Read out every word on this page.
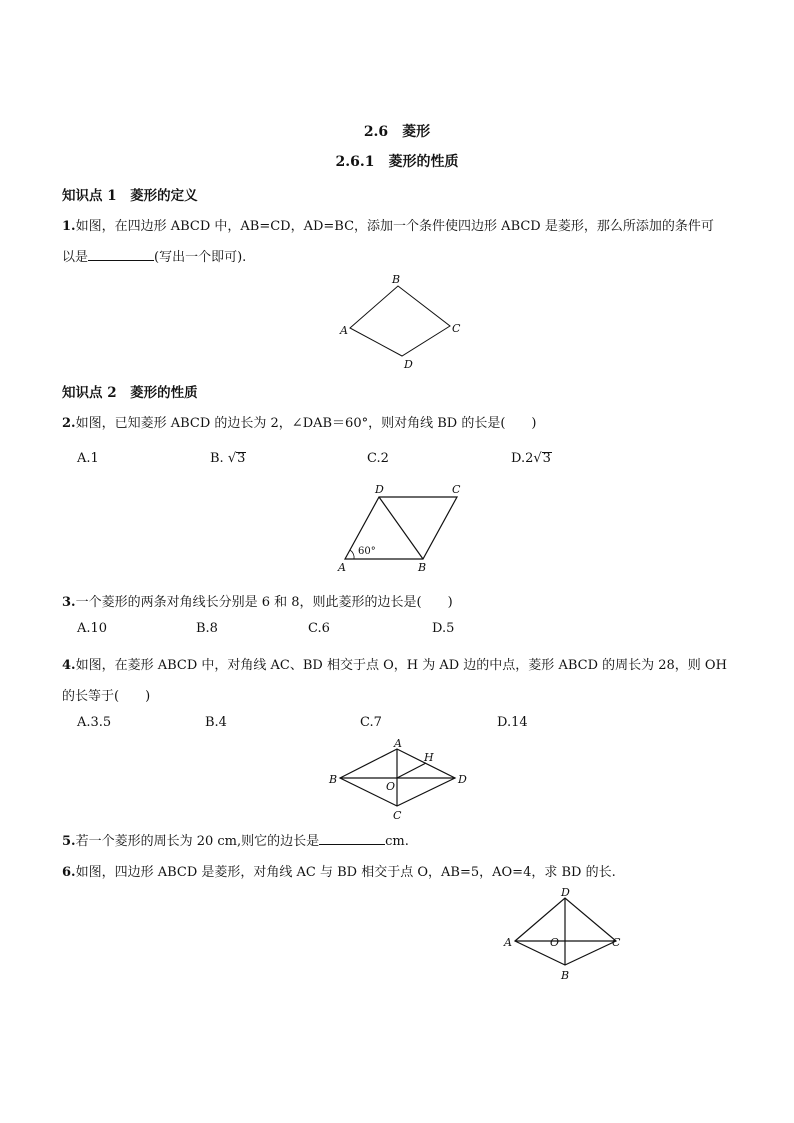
2.6　菱形
2.6.1　菱形的性质
知识点 1　菱形的定义
1.如图，在四边形 ABCD 中，AB=CD，AD=BC，添加一个条件使四边形 ABCD 是菱形，那么所添加的条件可
以是	(写出一个即可).
B
A	C
D
知识点 2　菱形的性质
2.如图，已知菱形 ABCD 的边长为 2，∠DAB＝60°，则对角线 BD 的长是(　　)
A.1	B. √3	C.2	D.2√3
D	C
A	B
60°
3.一个菱形的两条对角线长分别是 6 和 8，则此菱形的边长是(　　)
A.10	B.8	C.6	D.5
4.如图，在菱形 ABCD 中，对角线 AC、BD 相交于点 O，H 为 AD 边的中点，菱形 ABCD 的周长为 28，则 OH
的长等于(　　)
A.3.5	B.4	C.7	D.14
A
H
B	D
O
C
5.若一个菱形的周长为 20 cm,则它的边长是	cm.
6.如图，四边形 ABCD 是菱形，对角线 AC 与 BD 相交于点 O，AB=5，AO=4，求 BD 的长.
D
A	C
O
B
